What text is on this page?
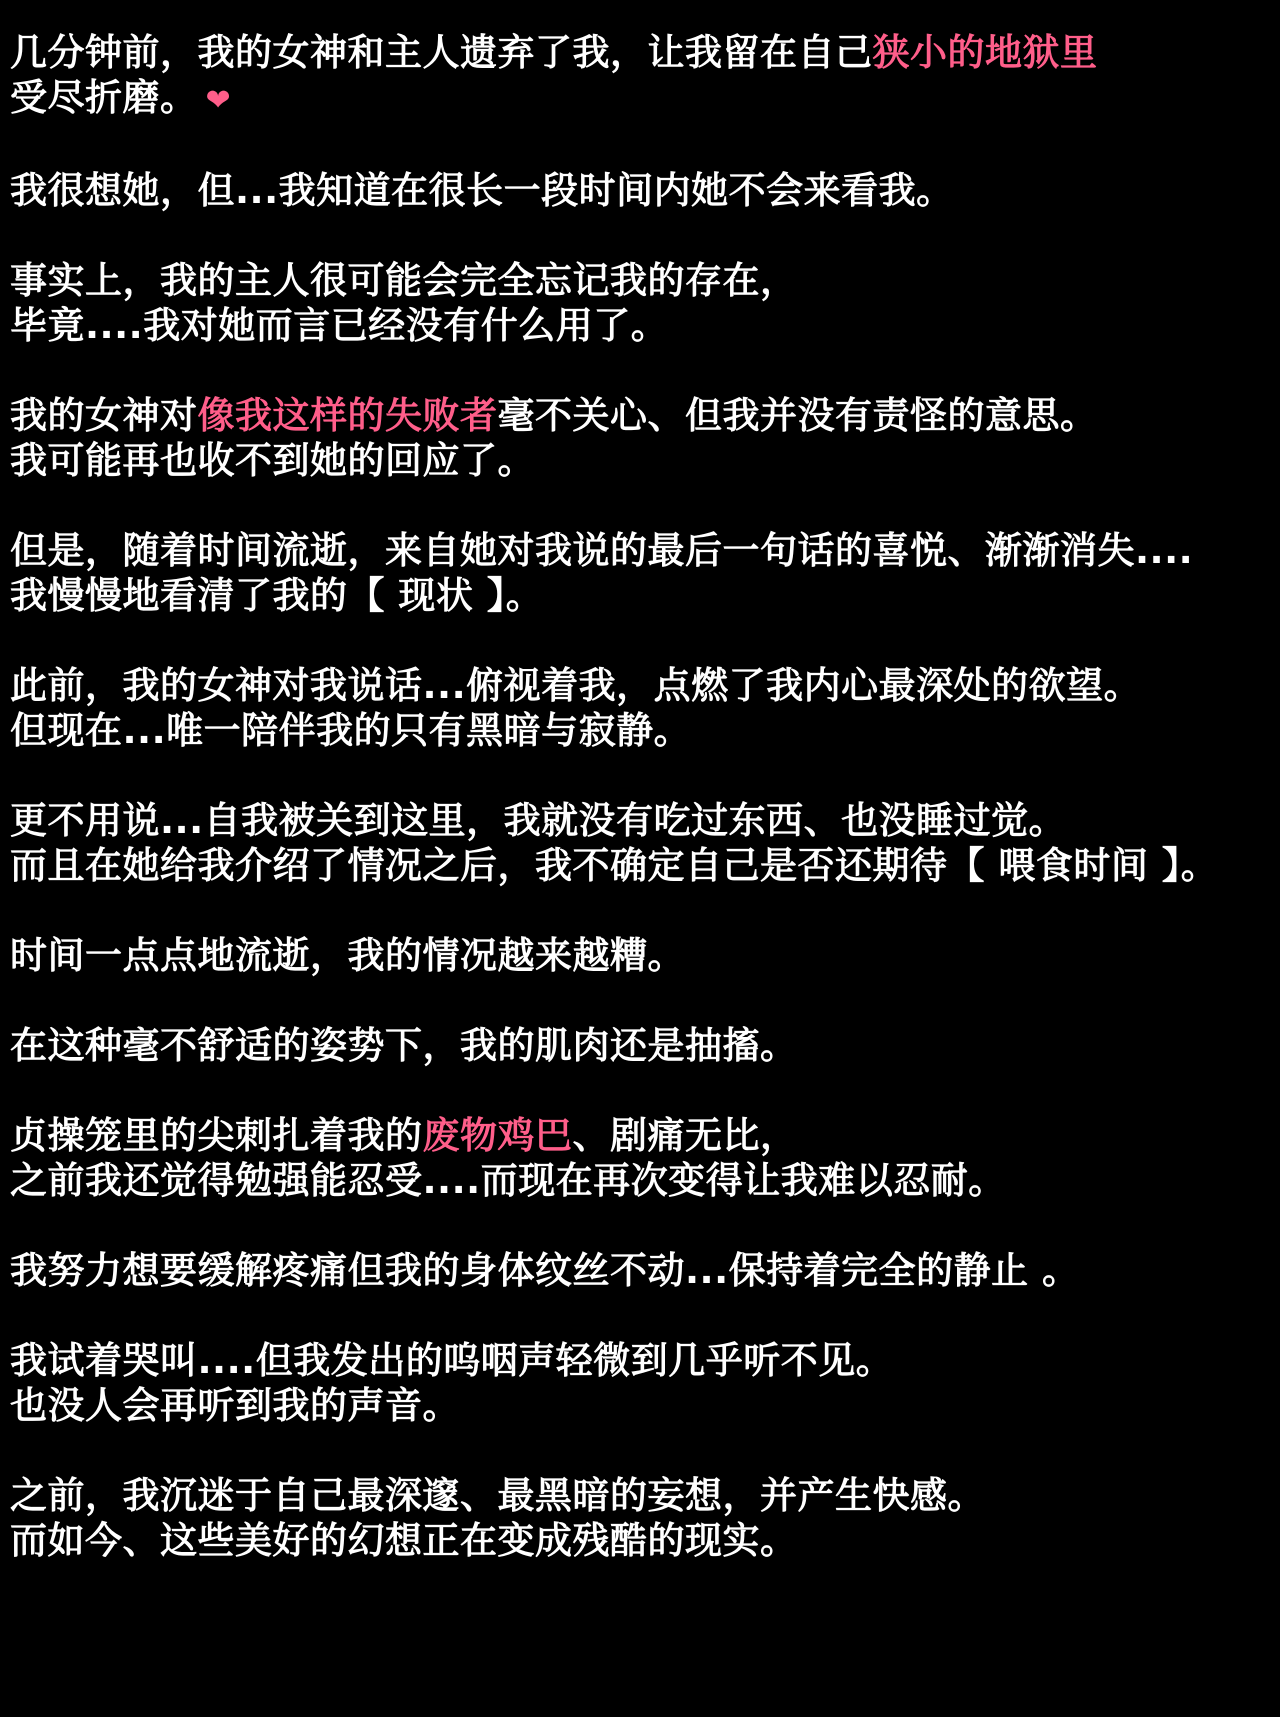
几分钟前，我的女神和主人遗弃了我，让我留在自己狭小的地狱里
受尽折磨。 ❤
我很想她，但...我知道在很长一段时间内她不会来看我。
事实上，我的主人很可能会完全忘记我的存在，
毕竟....我对她而言已经没有什么用了。
我的女神对像我这样的失败者毫不关心、但我并没有责怪的意思。
我可能再也收不到她的回应了。
但是，随着时间流逝，来自她对我说的最后一句话的喜悦、渐渐消失....
我慢慢地看清了我的【 现状 】。
此前，我的女神对我说话...俯视着我，点燃了我内心最深处的欲望。
但现在...唯一陪伴我的只有黑暗与寂静。
更不用说...自我被关到这里，我就没有吃过东西、也没睡过觉。
而且在她给我介绍了情况之后，我不确定自己是否还期待【 喂食时间 】。
时间一点点地流逝，我的情况越来越糟。
在这种毫不舒适的姿势下，我的肌肉还是抽搐。
贞操笼里的尖刺扎着我的废物鸡巴、剧痛无比，
之前我还觉得勉强能忍受....而现在再次变得让我难以忍耐。
我努力想要缓解疼痛但我的身体纹丝不动...保持着完全的静止 。
我试着哭叫....但我发出的呜咽声轻微到几乎听不见。
也没人会再听到我的声音。
之前，我沉迷于自己最深邃、最黑暗的妄想，并产生快感。
而如今、这些美好的幻想正在变成残酷的现实。
